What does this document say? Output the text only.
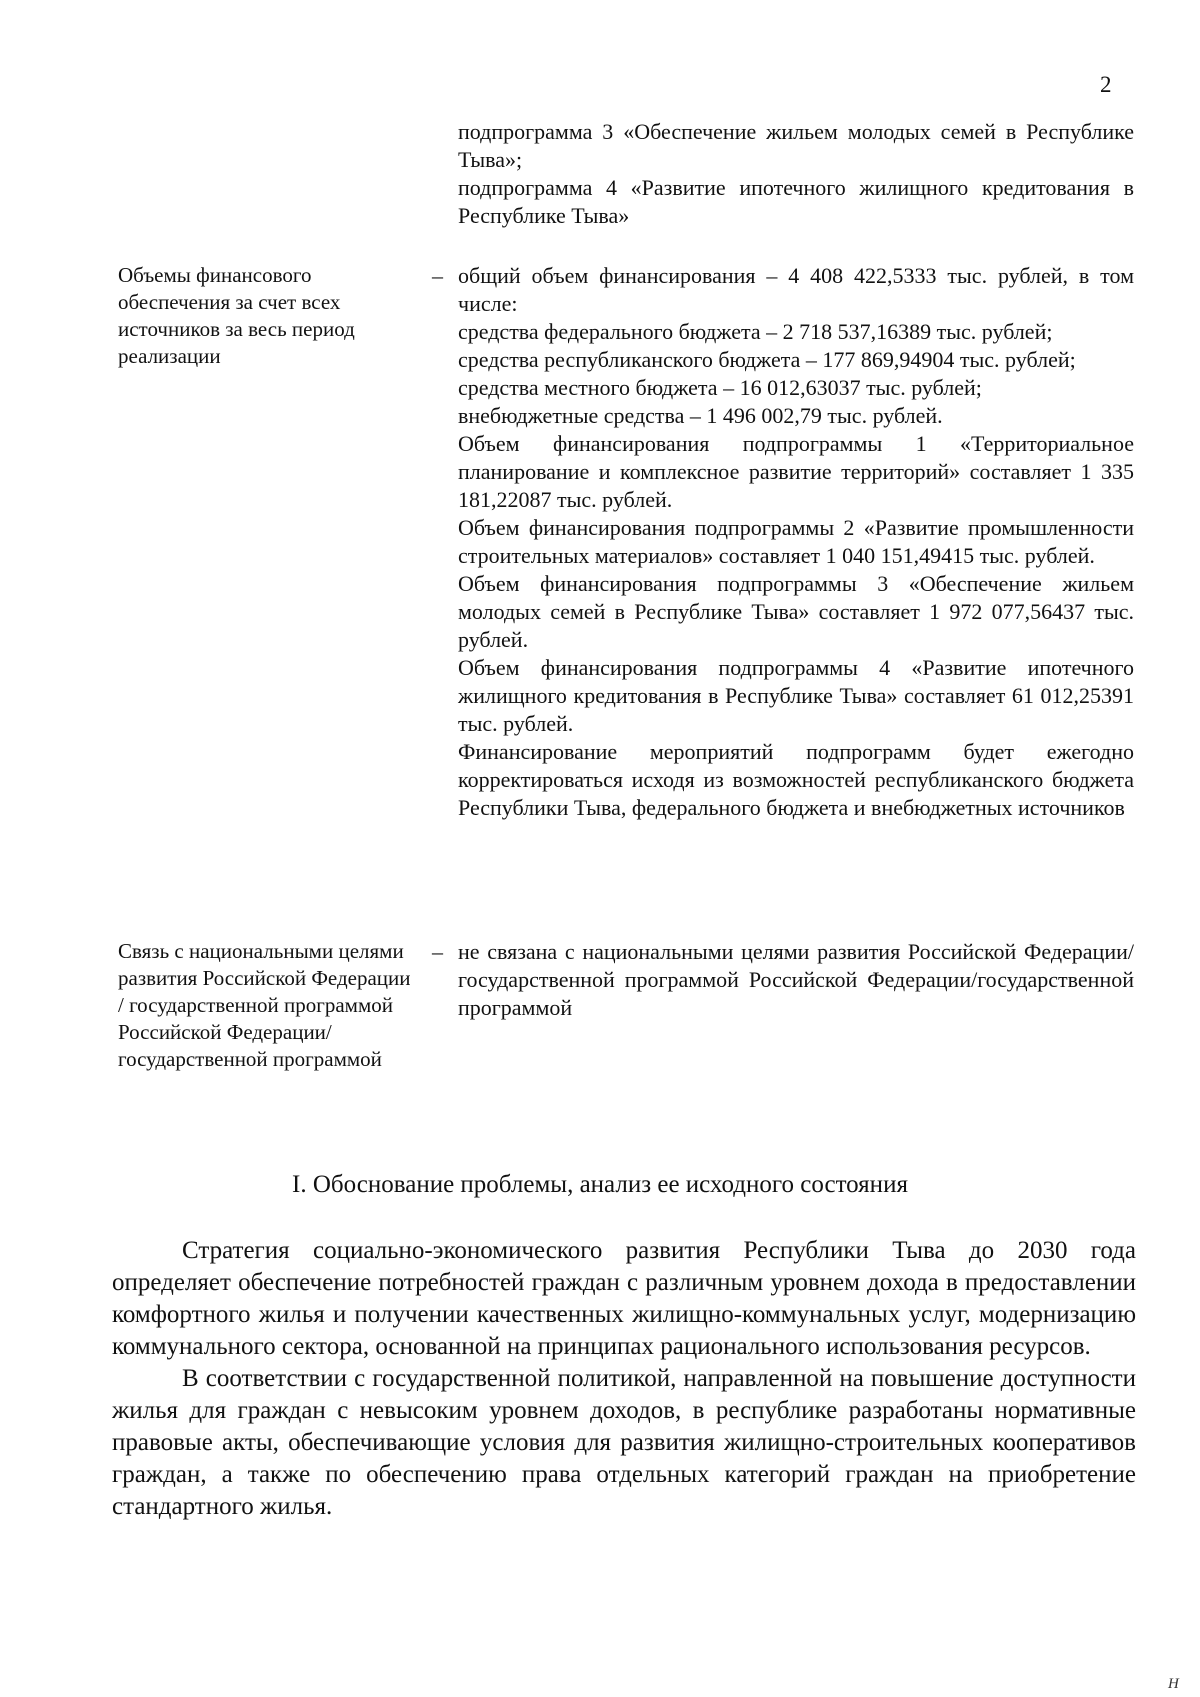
2

подпрограмма 3 «Обеспечение жильем молодых семей в Республике Тыва»;

подпрограмма 4 «Развитие ипотечного жилищного кредитования в Республике Тыва»

Объемы финансового обеспечения за счет всех источников за весь период реализации
– общий объем финансирования – 4 408 422,5333 тыс. рублей, в том числе:

средства федерального бюджета – 2 718 537,16389 тыс. рублей;

средства республиканского бюджета – 177 869,94904 тыс. рублей;

средства местного бюджета – 16 012,63037 тыс. рублей;

внебюджетные средства – 1 496 002,79 тыс. рублей.

Объем финансирования подпрограммы 1 «Территориальное планирование и комплексное развитие территорий» составляет 1 335 181,22087 тыс. рублей.

Объем финансирования подпрограммы 2 «Развитие промышленности строительных материалов» составляет 1 040 151,49415 тыс. рублей.

Объем финансирования подпрограммы 3 «Обеспечение жильем молодых семей в Республике Тыва» составляет 1 972 077,56437 тыс. рублей.

Объем финансирования подпрограммы 4 «Развитие ипотечного жилищного кредитования в Республике Тыва» составляет 61 012,25391 тыс. рублей.

Финансирование мероприятий подпрограмм будет ежегодно корректироваться исходя из возможностей республиканского бюджета Республики Тыва, федерального бюджета и внебюджетных источников

Связь с национальными целями развития Российской Федерации / государственной программой Российской Федерации/ государственной программой
– не связана с национальными целями развития Российской Федерации/государственной программой Российской Федерации/государственной программой
I. Обоснование проблемы, анализ ее исходного состояния

Стратегия социально-экономического развития Республики Тыва до 2030 года определяет обеспечение потребностей граждан с различным уровнем дохода в предоставлении комфортного жилья и получении качественных жилищно-коммунальных услуг, модернизацию коммунального сектора, основанной на принципах рационального использования ресурсов.

В соответствии с государственной политикой, направленной на повышение доступности жилья для граждан с невысоким уровнем доходов, в республике разработаны нормативные правовые акты, обеспечивающие условия для развития жилищно-строительных кооперативов граждан, а также по обеспечению права отдельных категорий граждан на приобретение стандартного жилья.

Н
